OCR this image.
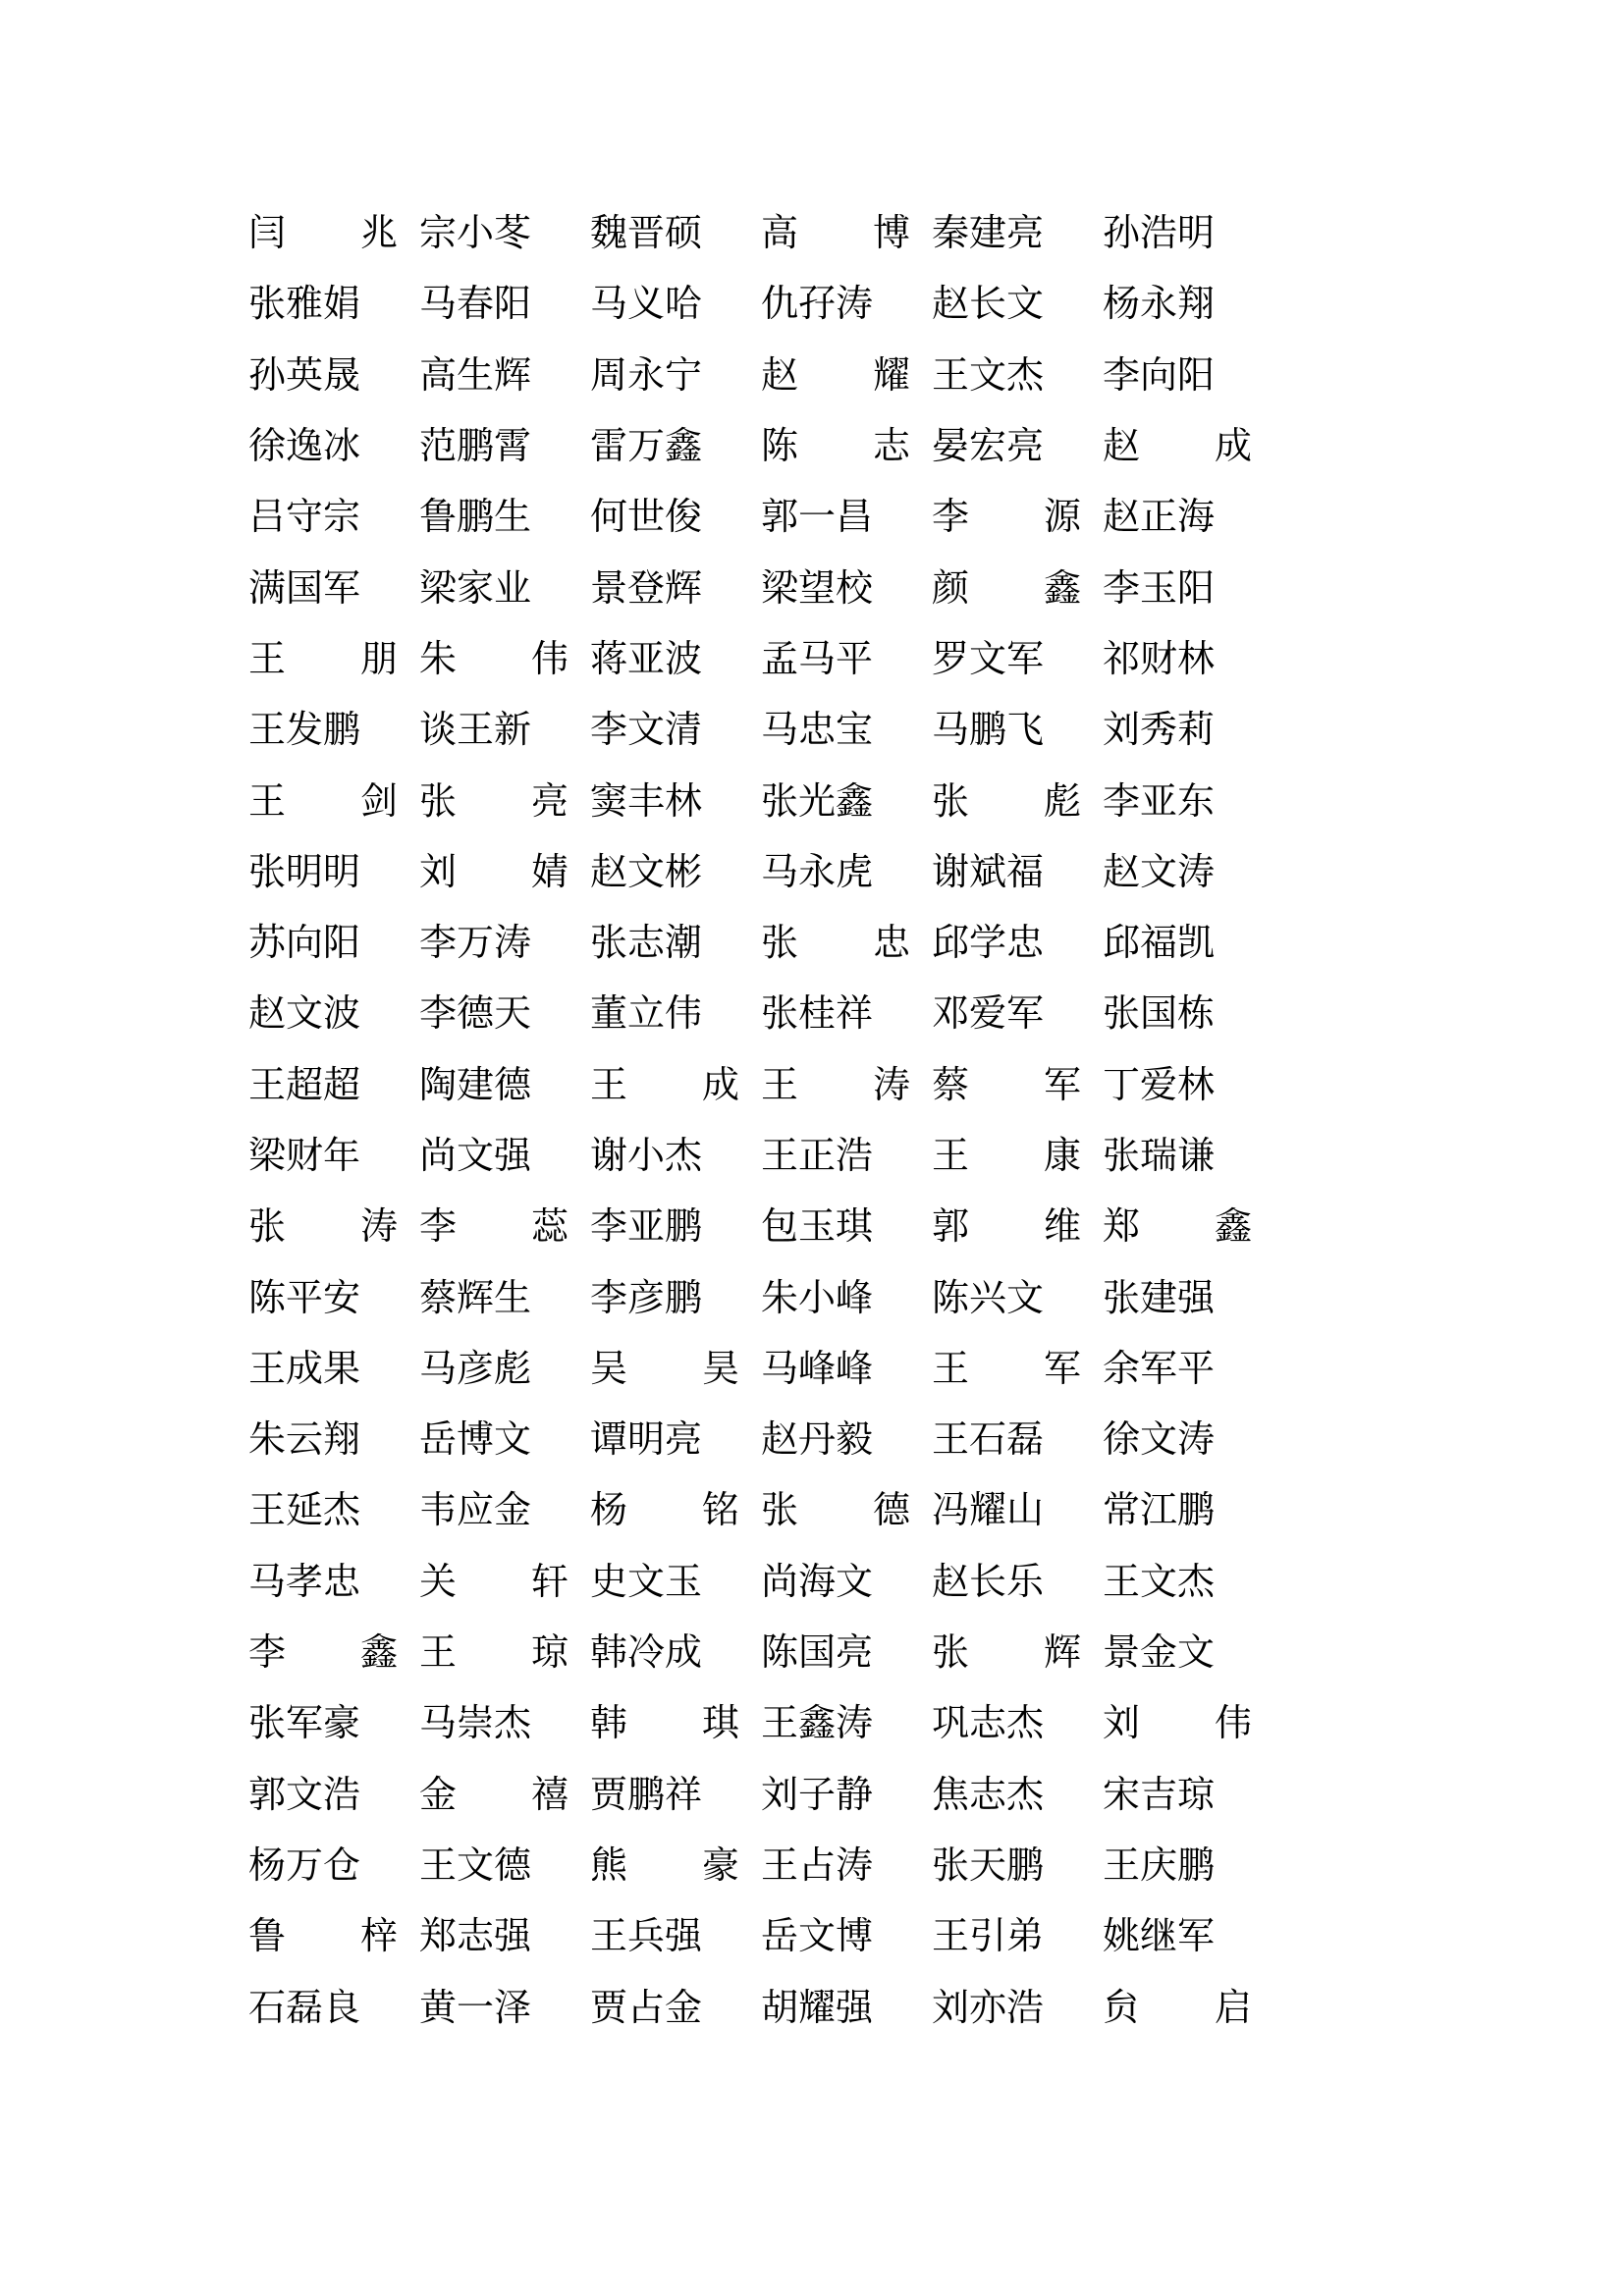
闫　　兆 宗小苳	魏晋硕	高　　博 秦建亮	孙浩明
张雅娟	马春阳	马义哈	仇孖涛	赵长文	杨永翔
孙英晟	高生辉	周永宁	赵　　耀 王文杰	李向阳
徐逸冰	范鹏霄	雷万鑫	陈　　志 晏宏亮	赵　　成
吕守宗	鲁鹏生	何世俊	郭一昌	李　　源 赵正海
满国军	梁家业	景登辉	梁望校	颜　　鑫 李玉阳
王　　朋 朱　　伟 蒋亚波	孟马平	罗文军	祁财林
王发鹏	谈王新	李文清	马忠宝	马鹏飞	刘秀莉
王　　剑 张　　亮 窦丰林	张光鑫	张　　彪 李亚东
张明明	刘　　婧 赵文彬	马永虎	谢斌福	赵文涛
苏向阳	李万涛	张志潮	张　　忠 邱学忠	邱福凯
赵文波	李德天	董立伟	张桂祥	邓爱军	张国栋
王超超	陶建德	王　　成 王　　涛 蔡　　军 丁爱林
梁财年	尚文强	谢小杰	王正浩	王　　康 张瑞谦
张　　涛 李　　蕊 李亚鹏	包玉琪	郭　　维 郑　　鑫
陈平安	蔡辉生	李彦鹏	朱小峰	陈兴文	张建强
王成果	马彦彪	吴　　昊 马峰峰	王　　军 余军平
朱云翔	岳博文	谭明亮	赵丹毅	王石磊	徐文涛
王延杰	韦应金	杨　　铭 张　　德 冯耀山	常江鹏
马孝忠	关　　轩 史文玉	尚海文	赵长乐	王文杰
李　　鑫 王　　琼 韩冷成	陈国亮	张　　辉 景金文
张军豪	马崇杰	韩　　琪 王鑫涛	巩志杰	刘　　伟
郭文浩	金　　禧 贾鹏祥	刘子静	焦志杰	宋吉琼
杨万仓	王文德	熊　　豪 王占涛	张天鹏	王庆鹏
鲁　　梓 郑志强	王兵强	岳文博	王引弟	姚继军
石磊良	黄一泽	贾占金	胡耀强	刘亦浩	贠　　启
